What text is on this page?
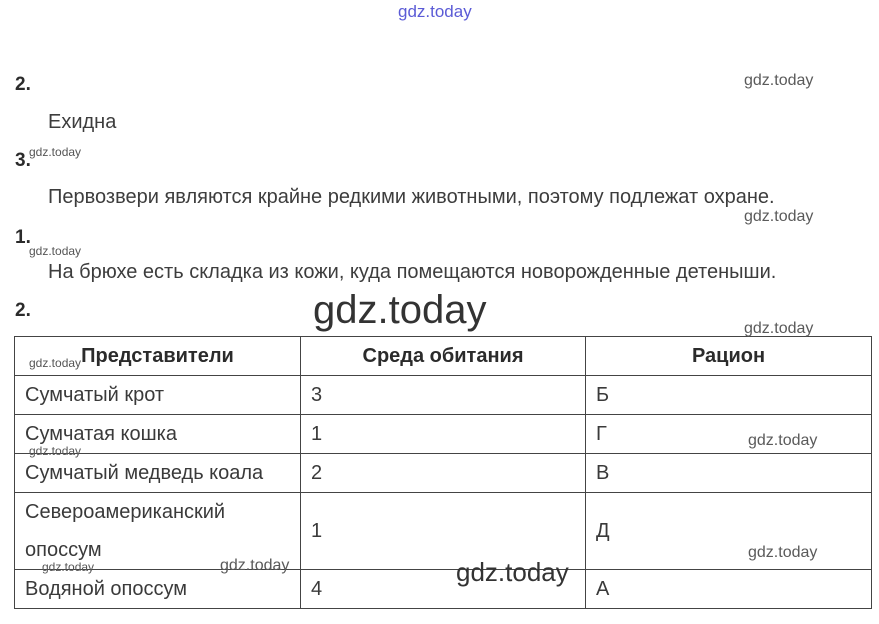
gdz.today
2.
Ехидна
3.
Первозвери являются крайне редкими животными, поэтому подлежат охране.
1.
На брюхе есть складка из кожи, куда помещаются новорожденные детеныши.
2.
Представители	Среда обитания	Рацион
Сумчатый крот	3	Б
Сумчатая кошка	1	Г
Сумчатый медведь коала	2	В
Североамериканский
опоссум	1	Д
Водяной опоссум	4	А
gdz.today
gdz.today
gdz.today
gdz.today
gdz.today	gdz.today
gdz.today
gdz.today
gdz.today
gdz.today
gdz.today
gdz.today	gdz.today
